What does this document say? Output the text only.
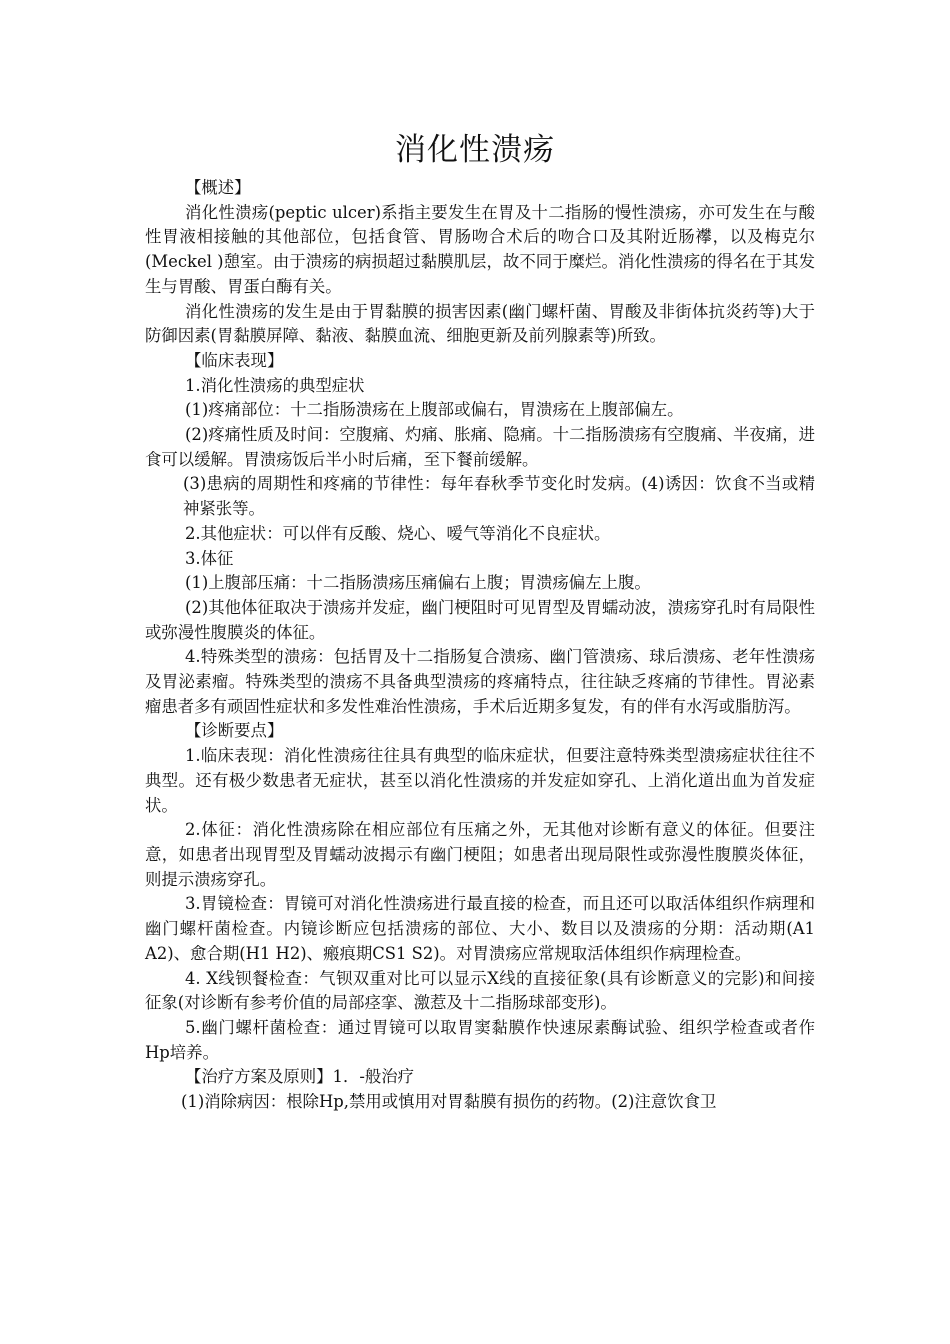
消化性溃疡

【概述】

消化性溃疡(peptic ulcer)系指主要发生在胃及十二指肠的慢性溃疡，亦可发生在与酸性胃液相接触的其他部位，包括食管、胃肠吻合术后的吻合口及其附近肠襻，以及梅克尔(Meckel )憩室。由于溃疡的病损超过黏膜肌层，故不同于糜烂。消化性溃疡的得名在于其发生与胃酸、胃蛋白酶有关。

消化性溃疡的发生是由于胃黏膜的损害因素(幽门螺杆菌、胃酸及非街体抗炎药等)大于防御因素(胃黏膜屏障、黏液、黏膜血流、细胞更新及前列腺素等)所致。

【临床表现】

1.消化性溃疡的典型症状

(1)疼痛部位：十二指肠溃疡在上腹部或偏右，胃溃疡在上腹部偏左。

(2)疼痛性质及时间：空腹痛、灼痛、胀痛、隐痛。十二指肠溃疡有空腹痛、半夜痛，进食可以缓解。胃溃疡饭后半小时后痛，至下餐前缓解。

(3)患病的周期性和疼痛的节律性：每年春秋季节变化时发病。(4)诱因：饮食不当或精神紧张等。

2.其他症状：可以伴有反酸、烧心、嗳气等消化不良症状。

3.体征

(1)上腹部压痛：十二指肠溃疡压痛偏右上腹；胃溃疡偏左上腹。

(2)其他体征取决于溃疡并发症，幽门梗阻时可见胃型及胃蠕动波，溃疡穿孔时有局限性或弥漫性腹膜炎的体征。

4.特殊类型的溃疡：包括胃及十二指肠复合溃疡、幽门管溃疡、球后溃疡、老年性溃疡及胃泌素瘤。特殊类型的溃疡不具备典型溃疡的疼痛特点，往往缺乏疼痛的节律性。胃泌素瘤患者多有顽固性症状和多发性难治性溃疡，手术后近期多复发，有的伴有水泻或脂肪泻。

【诊断要点】

1.临床表现：消化性溃疡往往具有典型的临床症状，但要注意特殊类型溃疡症状往往不典型。还有极少数患者无症状，甚至以消化性溃疡的并发症如穿孔、上消化道出血为首发症状。

2.体征：消化性溃疡除在相应部位有压痛之外，无其他对诊断有意义的体征。但要注意，如患者出现胃型及胃蠕动波揭示有幽门梗阻；如患者出现局限性或弥漫性腹膜炎体征，则提示溃疡穿孔。

3.胃镜检查：胃镜可对消化性溃疡进行最直接的检查，而且还可以取活体组织作病理和幽门螺杆菌检查。内镜诊断应包括溃疡的部位、大小、数目以及溃疡的分期：活动期(A1 A2)、愈合期(H1 H2)、瘢痕期CS1 S2)。对胃溃疡应常规取活体组织作病理检查。

4. X线钡餐检查：气钡双重对比可以显示X线的直接征象(具有诊断意义的完影)和间接征象(对诊断有参考价值的局部痉挛、激惹及十二指肠球部变形)。

5.幽门螺杆菌检查：通过胃镜可以取胃窦黏膜作快速尿素酶试验、组织学检查或者作Hp培养。

【治疗方案及原则】1．-般治疗

(1)消除病因：根除Hp,禁用或慎用对胃黏膜有损伤的药物。(2)注意饮食卫
